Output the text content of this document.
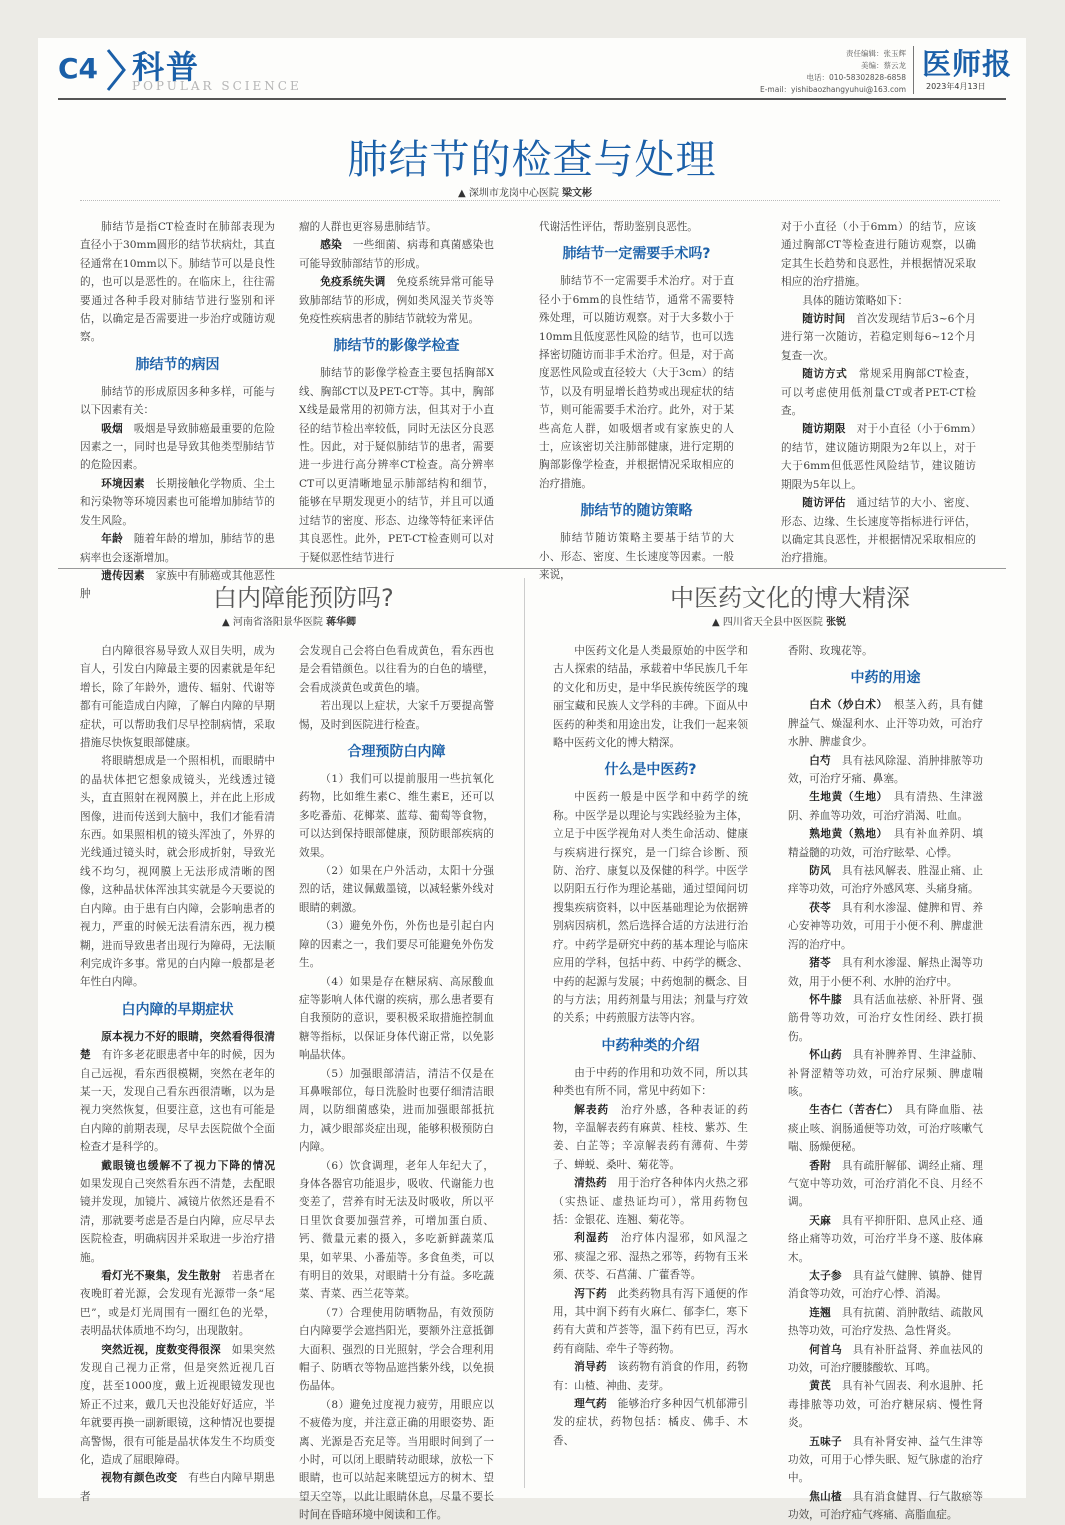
C4 科普
POPULAR SCIENCE
责任编辑：张玉辉
美编：蔡云龙
电话：010-58302828-6858
E-mail：yishibaozhangyuhui@163.com
医师报
2023年4月13日
肺结节的检查与处理
▲ 深圳市龙岗中心医院 梁文彬

肺结节是指CT检查时在肺部表现为直径小于30mm圆形的结节状病灶，其直径通常在10mm以下。肺结节可以是良性的，也可以是恶性的。在临床上，往往需要通过各种手段对肺结节进行鉴别和评估，以确定是否需要进一步治疗或随访观察。

肺结节的病因

肺结节的形成原因多种多样，可能与以下因素有关：

吸烟　 吸烟是导致肺癌最重要的危险因素之一，同时也是导致其他类型肺结节的危险因素。

环境因素　 长期接触化学物质、尘土和污染物等环境因素也可能增加肺结节的发生风险。

年龄　 随着年龄的增加，肺结节的患病率也会逐渐增加。

遗传因素　 家族中有肺癌或其他恶性肿

瘤的人群也更容易患肺结节。

感染　 一些细菌、病毒和真菌感染也可能导致肺部结节的形成。

免疫系统失调　 免疫系统异常可能导致肺部结节的形成，例如类风湿关节炎等免疫性疾病患者的肺结节就较为常见。

肺结节的影像学检查

肺结节的影像学检查主要包括胸部X线、胸部CT以及PET-CT等。其中，胸部X线是最常用的初筛方法，但其对于小直径的结节检出率较低，同时无法区分良恶性。因此，对于疑似肺结节的患者，需要进一步进行高分辨率CT检查。高分辨率CT可以更清晰地显示肺部结构和细节，能够在早期发现更小的结节，并且可以通过结节的密度、形态、边缘等特征来评估其良恶性。此外，PET-CT检查则可以对于疑似恶性结节进行

代谢活性评估，帮助鉴别良恶性。

肺结节一定需要手术吗?

肺结节不一定需要手术治疗。对于直径小于6mm的良性结节，通常不需要特殊处理，可以随访观察。对于大多数小于10mm且低度恶性风险的结节，也可以选择密切随访而非手术治疗。但是，对于高度恶性风险或直径较大（大于3cm）的结节，以及有明显增长趋势或出现症状的结节，则可能需要手术治疗。此外，对于某些高危人群，如吸烟者或有家族史的人士，应该密切关注肺部健康，进行定期的胸部影像学检查，并根据情况采取相应的治疗措施。

肺结节的随访策略

肺结节随访策略主要基于结节的大小、形态、密度、生长速度等因素。一般来说，

对于小直径（小于6mm）的结节，应该通过胸部CT等检查进行随访观察，以确定其生长趋势和良恶性，并根据情况采取相应的治疗措施。

具体的随访策略如下：

随访时间　 首次发现结节后3~6个月进行第一次随访，若稳定则每6~12个月复查一次。

随访方式　 常规采用胸部CT检查，可以考虑使用低剂量CT或者PET-CT检查。

随访期限　 对于小直径（小于6mm）的结节，建议随访期限为2年以上，对于大于6mm但低恶性风险结节，建议随访期限为5年以上。

随访评估　 通过结节的大小、密度、形态、边缘、生长速度等指标进行评估，以确定其良恶性，并根据情况采取相应的治疗措施。

白内障能预防吗?
▲ 河南省洛阳景华医院 蒋华卿

白内障很容易导致人双目失明，成为盲人，引发白内障最主要的因素就是年纪增长，除了年龄外，遗传、辐射、代谢等都有可能造成白内障，了解白内障的早期症状，可以帮助我们尽早控制病情，采取措施尽快恢复眼部健康。

将眼睛想成是一个照相机，而眼睛中的晶状体把它想象成镜头，光线透过镜头，直直照射在视网膜上，并在此上形成图像，进而传送到大脑中，我们才能看清东西。如果照相机的镜头浑浊了，外界的光线通过镜头时，就会形成折射，导致光线不均匀，视网膜上无法形成清晰的图像，这种晶状体浑浊其实就是今天要说的白内障。由于患有白内障，会影响患者的视力，严重的时候无法看清东西，视力模糊，进而导致患者出现行为障碍，无法顺利完成许多事。常见的白内障一般都是老年性白内障。

白内障的早期症状

原本视力不好的眼睛，突然看得很清楚　 有许多老花眼患者中年的时候，因为自己远视，看东西很模糊，突然在老年的某一天，发现自己看东西很清晰，以为是视力突然恢复，但要注意，这也有可能是白内障的前期表现，尽早去医院做个全面检查才是科学的。

戴眼镜也缓解不了视力下降的情况　如果发现自己突然看东西不清楚，去配眼镜并发现，加镜片、减镜片依然还是看不清，那就要考虑是否是白内障，应尽早去医院检查，明确病因并采取进一步治疗措施。

看灯光不聚集，发生散射　 若患者在夜晚盯着光源，会发现有光源带一条“尾巴”，或是灯光周围有一圈红色的光晕，表明晶状体质地不均匀，出现散射。

突然近视，度数变得很深　 如果突然发现自己视力正常，但是突然近视几百度，甚至1000度，戴上近视眼镜发现也矫正不过来，戴几天也没能好好适应，半年就要再换一副新眼镜，这种情况也要提高警惕，很有可能是晶状体发生不均质变化，造成了屈眼障碍。

视物有颜色改变　 有些白内障早期患者

会发现自己会将白色看成黄色，看东西也是会看错颜色。以往看为的白色的墙壁，会看成淡黄色或黄色的墙。

若出现以上症状，大家千万要提高警惕，及时到医院进行检查。

合理预防白内障

（1）我们可以提前服用一些抗氧化药物，比如维生素C、维生素E，还可以多吃番茄、花椰菜、蓝莓、葡萄等食物，可以达到保持眼部健康，预防眼部疾病的效果。

（2）如果在户外活动，太阳十分强烈的话，建议佩戴墨镜，以减轻紫外线对眼睛的刺激。

（3）避免外伤，外伤也是引起白内障的因素之一，我们要尽可能避免外伤发生。

（4）如果是存在糖尿病、高尿酸血症等影响人体代谢的疾病，那么患者要有自我预防的意识，要积极采取措施控制血糖等指标，以保证身体代谢正常，以免影响晶状体。

（5）加强眼部清洁，清洁不仅是在耳鼻喉部位，每日洗脸时也要仔细清洁眼周，以防细菌感染，进而加强眼部抵抗力，减少眼部炎症出现，能够积极预防白内障。

（6）饮食调理，老年人年纪大了，身体各器官功能退步，吸收、代谢能力也变差了，营养有时无法及时吸收，所以平日里饮食要加强营养，可增加蛋白质、钙、微量元素的摄入，多吃新鲜蔬菜瓜果，如苹果、小番茄等。多食鱼类，可以有明目的效果，对眼睛十分有益。多吃蔬菜、青菜、西兰花等菜。

（7）合理使用防晒物品，有效预防白内障要学会遮挡阳光，要额外注意抵御大面积、强烈的日光照射，学会合理利用帽子、防晒衣等物品遮挡紫外线，以免损伤晶体。

（8）避免过度视力疲劳，用眼应以不疲倦为度，并注意正确的用眼姿势、距离、光源是否充足等。当用眼时间到了一小时，可以闭上眼睛转动眼球，放松一下眼睛，也可以站起来眺望远方的树木、望望天空等，以此让眼睛休息，尽量不要长时间在昏暗环境中阅读和工作。

中医药文化的博大精深
▲ 四川省天全县中医医院 张锐

中医药文化是人类最原始的中医学和古人探索的结晶，承载着中华民族几千年的文化和历史，是中华民族传统医学的瑰丽宝藏和民族人文学科的丰碑。下面从中医药的种类和用途出发，让我们一起来领略中医药文化的博大精深。

什么是中医药?

中医药一般是中医学和中药学的统称。中医学是以理论与实践经验为主体，立足于中医学视角对人类生命活动、健康与疾病进行探究，是一门综合诊断、预防、治疗、康复以及保健的科学。中医学以阴阳五行作为理论基础，通过望闻问切搜集疾病资料，以中医基础理论为依据辨别病因病机，然后选择合适的方法进行治疗。中药学是研究中药的基本理论与临床应用的学科，包括中药、中药学的概念、中药的起源与发展；中药炮制的概念、目的与方法；用药剂量与用法；剂量与疗效的关系；中药煎服方法等内容。

中药种类的介绍

由于中药的作用和功效不同，所以其种类也有所不同，常见中药如下：

解表药　 治疗外感，各种表证的药物，辛温解表药有麻黄、桂枝、紫苏、生姜、白芷等；辛凉解表药有薄荷、牛蒡子、蝉蜕、桑叶、菊花等。

清热药　 用于治疗各种体内火热之邪（实热证、虚热证均可），常用药物包括：金银花、连翘、菊花等。

利湿药　 治疗体内湿邪，如风湿之邪、痰湿之邪、湿热之邪等，药物有玉米须、茯苓、石菖蒲、广藿香等。

泻下药　 此类药物具有泻下通便的作用，其中润下药有火麻仁、郁李仁，寒下药有大黄和芦荟等，温下药有巴豆，泻水药有商陆、牵牛子等药物。

消导药　 该药物有消食的作用，药物有：山楂、神曲、麦芽。

理气药　 能够治疗多种因气机郁滞引发的症状，药物包括：橘皮、佛手、木香、

香附、玫瑰花等。

中药的用途

白术（炒白术）　 根茎入药，具有健脾益气、燥湿利水、止汗等功效，可治疗水肿、脾虚食少。

白芍　 具有祛风除湿、消肿排脓等功效，可治疗牙痛、鼻塞。

生地黄（生地）　 具有清热、生津滋阴、养血等功效，可治疗消渴、吐血。

熟地黄（熟地）　 具有补血养阴、填精益髓的功效，可治疗眩晕、心悸。

防风　 具有祛风解表、胜湿止痛、止痒等功效，可治疗外感风寒、头痛身痛。

茯苓　 具有利水渗湿、健脾和胃、养心安神等功效，可用于小便不利、脾虚泄泻的治疗中。

猪苓　 具有利水渗湿、解热止渴等功效，用于小便不利、水肿的治疗中。

怀牛膝　 具有活血祛瘀、补肝肾、强筋骨等功效，可治疗女性闭经、跌打损伤。

怀山药　 具有补脾养胃、生津益肺、补肾涩精等功效，可治疗尿频、脾虚喘咳。

生杏仁（苦杏仁）　 具有降血脂、祛痰止咳、润肠通便等功效，可治疗咳嗽气喘、肠燥便秘。

香附　 具有疏肝解郁、调经止痛、理气宽中等功效，可治疗消化不良、月经不调。

天麻　 具有平抑肝阳、息风止痉、通络止痛等功效，可治疗半身不遂、肢体麻木。

太子参　 具有益气健脾、镇静、健胃消食等功效，可治疗心悸、消渴。

连翘　 具有抗菌、消肿散结、疏散风热等功效，可治疗发热、急性肾炎。

何首乌　 具有补肝益肾、养血祛风的功效，可治疗腰膝酸软、耳鸣。

黄芪　 具有补气固表、利水退肿、托毒排脓等功效，可治疗糖尿病、慢性肾炎。

五味子　 具有补肾安神、益气生津等功效，可用于心悸失眠、短气脉虚的治疗中。

焦山楂　 具有消食健胃、行气散瘀等功效，可治疗疝气疼痛、高脂血症。
